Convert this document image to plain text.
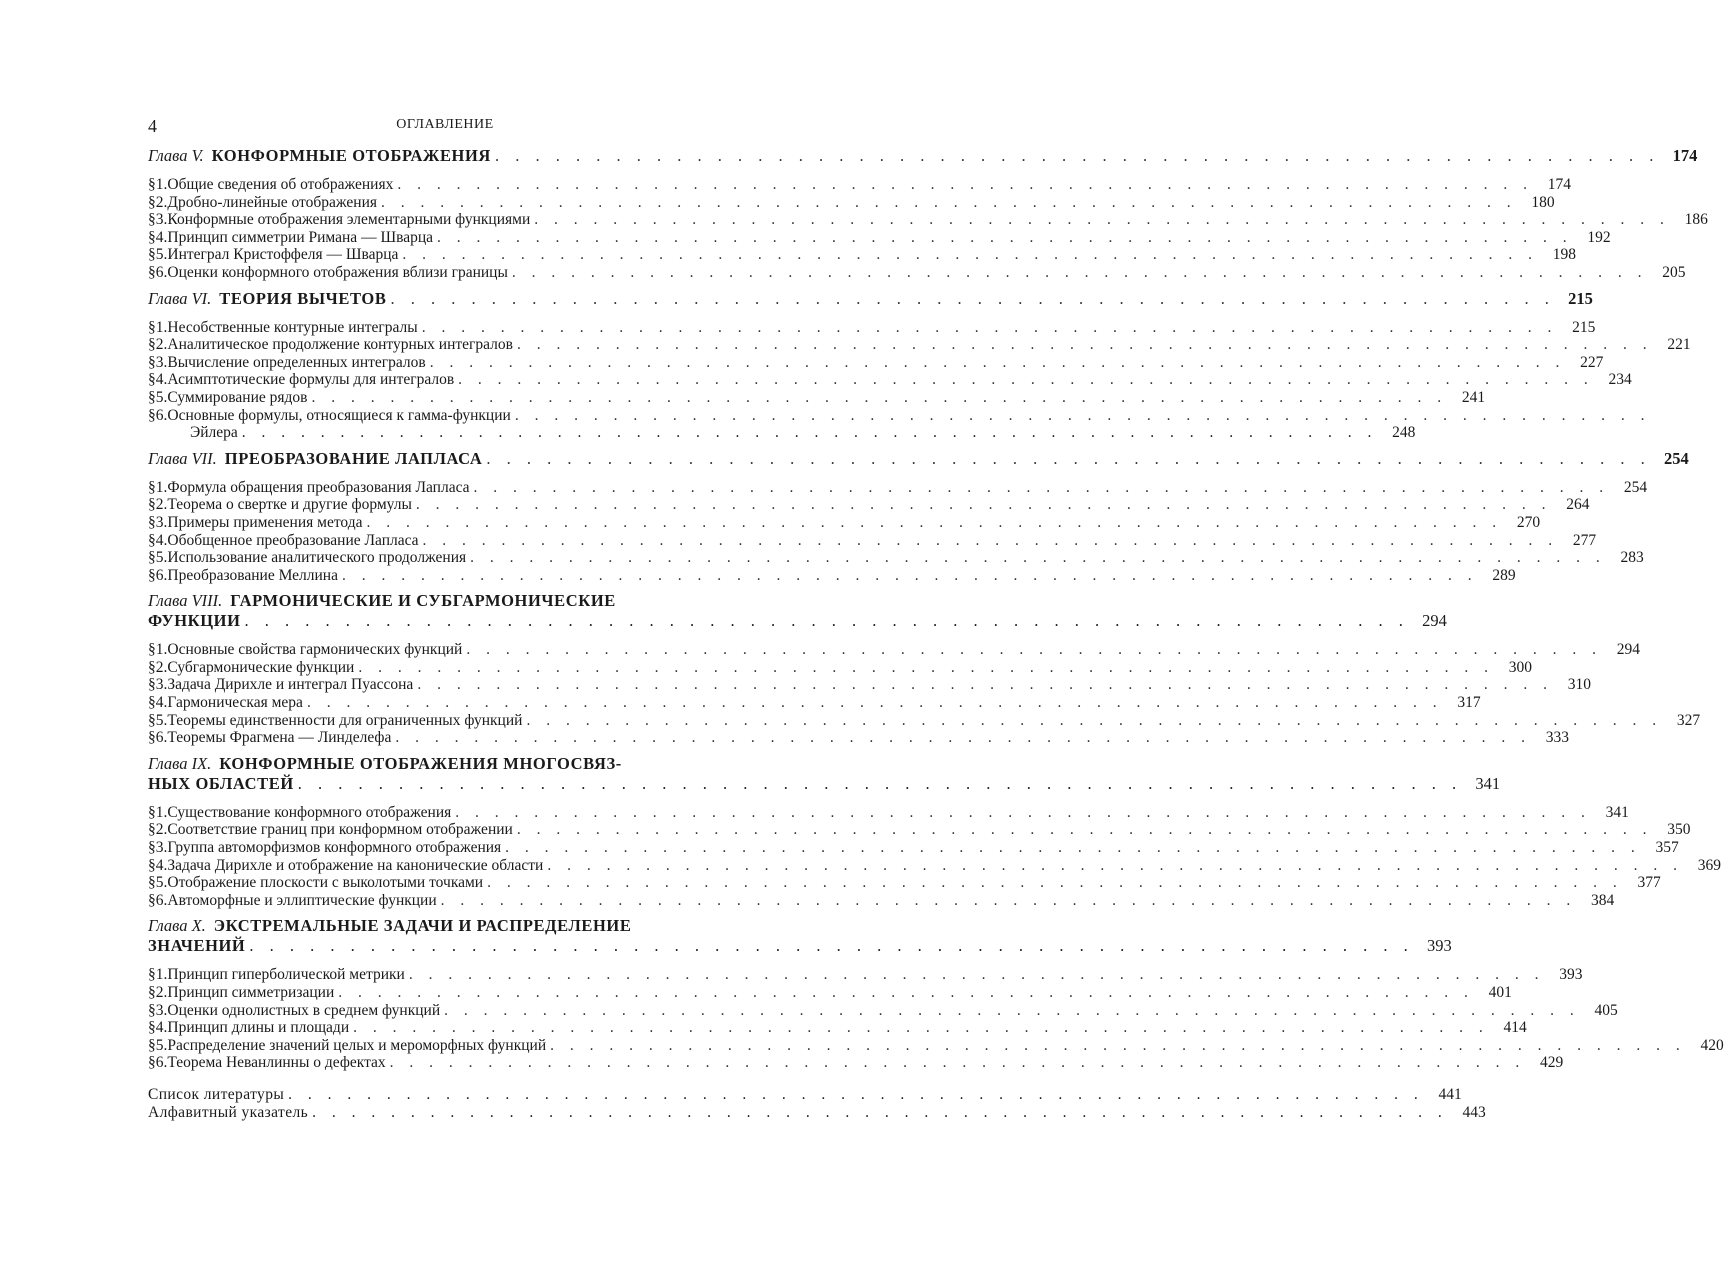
4	ОГЛАВЛЕНИЕ
Глава V. КОНФОРМНЫЕ ОТОБРАЖЕНИЯ . . . . . . . . . . . . . . . . . . . . . . . . . . . . . . . . . . . . . . . . . . . . . . . . . . . . . . . . . . 174
§ 1. Общие сведения об отображениях . . . . . . . . . . . . . . . . . . . . . . . . . . . . . . . . . . . . . . . . . . . . . . . . . . . . . . . . . . 174
§ 2. Дробно-линейные отображения . . . . . . . . . . . . . . . . . . . . . . . . . . . . . . . . . . . . . . . . . . . . . . . . . . . . . . . . . . 180
§ 3. Конформные отображения элементарными функциями . . . . . . . . . . . . . . . . . . . . . . . . . . . . . . . . . . . . . . . . . . . . . . . . . . . . . . . . . . 186
§ 4. Принцип симметрии Римана — Шварца . . . . . . . . . . . . . . . . . . . . . . . . . . . . . . . . . . . . . . . . . . . . . . . . . . . . . . . . . . 192
§ 5. Интеграл Кристоффеля — Шварца . . . . . . . . . . . . . . . . . . . . . . . . . . . . . . . . . . . . . . . . . . . . . . . . . . . . . . . . . . 198
§ 6. Оценки конформного отображения вблизи границы . . . . . . . . . . . . . . . . . . . . . . . . . . . . . . . . . . . . . . . . . . . . . . . . . . . . . . . . . . 205
Глава VI. ТЕОРИЯ ВЫЧЕТОВ . . . . . . . . . . . . . . . . . . . . . . . . . . . . . . . . . . . . . . . . . . . . . . . . . . . . . . . . . . 215
§ 1. Несобственные контурные интегралы . . . . . . . . . . . . . . . . . . . . . . . . . . . . . . . . . . . . . . . . . . . . . . . . . . . . . . . . . . 215
§ 2. Аналитическое продолжение контурных интегралов . . . . . . . . . . . . . . . . . . . . . . . . . . . . . . . . . . . . . . . . . . . . . . . . . . . . . . . . . . 221
§ 3. Вычисление определенных интегралов . . . . . . . . . . . . . . . . . . . . . . . . . . . . . . . . . . . . . . . . . . . . . . . . . . . . . . . . . . 227
§ 4. Асимптотические формулы для интегралов . . . . . . . . . . . . . . . . . . . . . . . . . . . . . . . . . . . . . . . . . . . . . . . . . . . . . . . . . . 234
§ 5. Суммирование рядов . . . . . . . . . . . . . . . . . . . . . . . . . . . . . . . . . . . . . . . . . . . . . . . . . . . . . . . . . . 241
§ 6. Основные формулы, относящиеся к гамма-функции . . . . . . . . . . . . . . . . . . . . . . . . . . . . . . . . . . . . . . . . . . . . . . . . . . . . . . . . . .
Эйлера . . . . . . . . . . . . . . . . . . . . . . . . . . . . . . . . . . . . . . . . . . . . . . . . . . . . . . . . . . 248
Глава VII. ПРЕОБРАЗОВАНИЕ ЛАПЛАСА . . . . . . . . . . . . . . . . . . . . . . . . . . . . . . . . . . . . . . . . . . . . . . . . . . . . . . . . . . 254
§ 1. Формула обращения преобразования Лапласа . . . . . . . . . . . . . . . . . . . . . . . . . . . . . . . . . . . . . . . . . . . . . . . . . . . . . . . . . . 254
§ 2. Теорема о свертке и другие формулы . . . . . . . . . . . . . . . . . . . . . . . . . . . . . . . . . . . . . . . . . . . . . . . . . . . . . . . . . . 264
§ 3. Примеры применения метода . . . . . . . . . . . . . . . . . . . . . . . . . . . . . . . . . . . . . . . . . . . . . . . . . . . . . . . . . . 270
§ 4. Обобщенное преобразование Лапласа . . . . . . . . . . . . . . . . . . . . . . . . . . . . . . . . . . . . . . . . . . . . . . . . . . . . . . . . . . 277
§ 5. Использование аналитического продолжения . . . . . . . . . . . . . . . . . . . . . . . . . . . . . . . . . . . . . . . . . . . . . . . . . . . . . . . . . . 283
§ 6. Преобразование Меллина . . . . . . . . . . . . . . . . . . . . . . . . . . . . . . . . . . . . . . . . . . . . . . . . . . . . . . . . . . 289
Глава VIII. ГАРМОНИЧЕСКИЕ И СУБГАРМОНИЧЕСКИЕ
ФУНКЦИИ . . . . . . . . . . . . . . . . . . . . . . . . . . . . . . . . . . . . . . . . . . . . . . . . . . . . . . . . . . 294
§ 1. Основные свойства гармонических функций . . . . . . . . . . . . . . . . . . . . . . . . . . . . . . . . . . . . . . . . . . . . . . . . . . . . . . . . . . 294
§ 2. Субгармонические функции . . . . . . . . . . . . . . . . . . . . . . . . . . . . . . . . . . . . . . . . . . . . . . . . . . . . . . . . . . 300
§ 3. Задача Дирихле и интеграл Пуассона . . . . . . . . . . . . . . . . . . . . . . . . . . . . . . . . . . . . . . . . . . . . . . . . . . . . . . . . . . 310
§ 4. Гармоническая мера . . . . . . . . . . . . . . . . . . . . . . . . . . . . . . . . . . . . . . . . . . . . . . . . . . . . . . . . . . 317
§ 5. Теоремы единственности для ограниченных функций . . . . . . . . . . . . . . . . . . . . . . . . . . . . . . . . . . . . . . . . . . . . . . . . . . . . . . . . . . 327
§ 6. Теоремы Фрагмена — Линделефа . . . . . . . . . . . . . . . . . . . . . . . . . . . . . . . . . . . . . . . . . . . . . . . . . . . . . . . . . . 333
Глава IX. КОНФОРМНЫЕ ОТОБРАЖЕНИЯ МНОГОСВЯЗ-
НЫХ ОБЛАСТЕЙ . . . . . . . . . . . . . . . . . . . . . . . . . . . . . . . . . . . . . . . . . . . . . . . . . . . . . . . . . . 341
§ 1. Существование конформного отображения . . . . . . . . . . . . . . . . . . . . . . . . . . . . . . . . . . . . . . . . . . . . . . . . . . . . . . . . . . 341
§ 2. Соответствие границ при конформном отображении . . . . . . . . . . . . . . . . . . . . . . . . . . . . . . . . . . . . . . . . . . . . . . . . . . . . . . . . . . 350
§ 3. Группа автоморфизмов конформного отображения . . . . . . . . . . . . . . . . . . . . . . . . . . . . . . . . . . . . . . . . . . . . . . . . . . . . . . . . . . 357
§ 4. Задача Дирихле и отображение на канонические области . . . . . . . . . . . . . . . . . . . . . . . . . . . . . . . . . . . . . . . . . . . . . . . . . . . . . . . . . . 369
§ 5. Отображение плоскости с выколотыми точками . . . . . . . . . . . . . . . . . . . . . . . . . . . . . . . . . . . . . . . . . . . . . . . . . . . . . . . . . . 377
§ 6. Автоморфные и эллиптические функции . . . . . . . . . . . . . . . . . . . . . . . . . . . . . . . . . . . . . . . . . . . . . . . . . . . . . . . . . . 384
Глава X. ЭКСТРЕМАЛЬНЫЕ ЗАДАЧИ И РАСПРЕДЕЛЕНИЕ
ЗНАЧЕНИЙ . . . . . . . . . . . . . . . . . . . . . . . . . . . . . . . . . . . . . . . . . . . . . . . . . . . . . . . . . . 393
§ 1. Принцип гиперболической метрики . . . . . . . . . . . . . . . . . . . . . . . . . . . . . . . . . . . . . . . . . . . . . . . . . . . . . . . . . . 393
§ 2. Принцип симметризации . . . . . . . . . . . . . . . . . . . . . . . . . . . . . . . . . . . . . . . . . . . . . . . . . . . . . . . . . . 401
§ 3. Оценки однолистных в среднем функций . . . . . . . . . . . . . . . . . . . . . . . . . . . . . . . . . . . . . . . . . . . . . . . . . . . . . . . . . . 405
§ 4. Принцип длины и площади . . . . . . . . . . . . . . . . . . . . . . . . . . . . . . . . . . . . . . . . . . . . . . . . . . . . . . . . . . 414
§ 5. Распределение значений целых и мероморфных функций . . . . . . . . . . . . . . . . . . . . . . . . . . . . . . . . . . . . . . . . . . . . . . . . . . . . . . . . . . 420
§ 6. Теорема Неванлинны о дефектах . . . . . . . . . . . . . . . . . . . . . . . . . . . . . . . . . . . . . . . . . . . . . . . . . . . . . . . . . . 429
Список литературы . . . . . . . . . . . . . . . . . . . . . . . . . . . . . . . . . . . . . . . . . . . . . . . . . . . . . . . . . . 441
Алфавитный указатель . . . . . . . . . . . . . . . . . . . . . . . . . . . . . . . . . . . . . . . . . . . . . . . . . . . . . . . . . . 443
